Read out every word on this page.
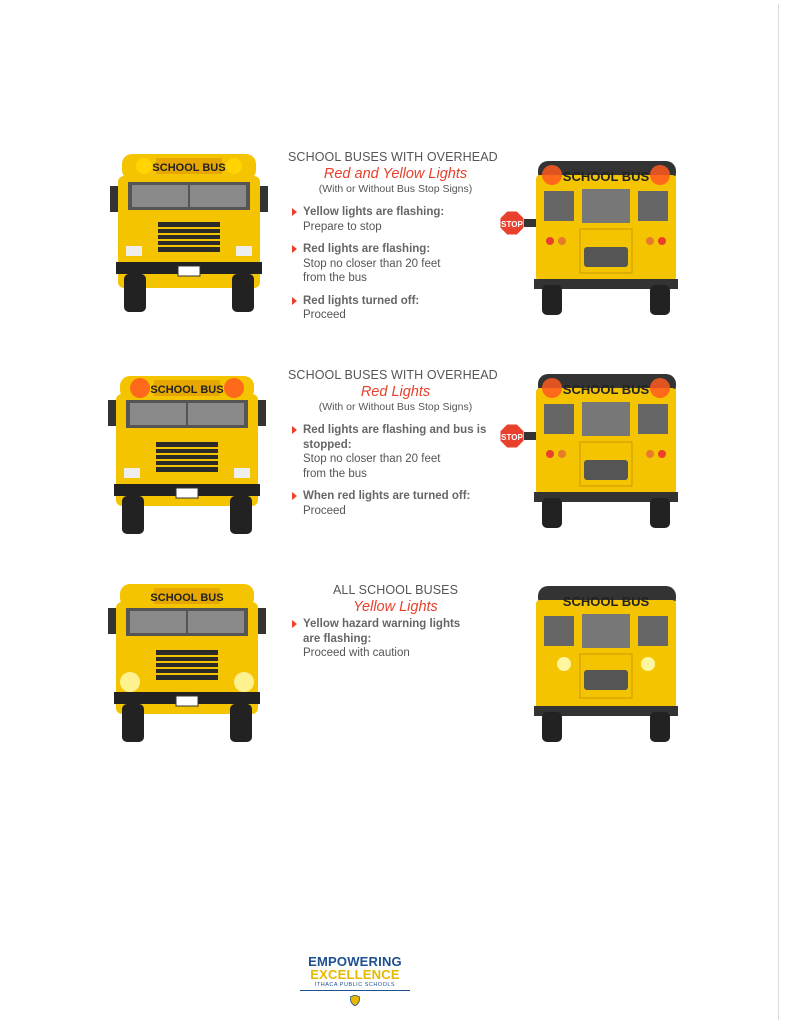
SCHOOL BUS

SCHOOL BUSES WITH OVERHEAD

Red and Yellow Lights

(With or Without Bus Stop Signs)

Yellow lights are flashing:
Prepare to stop
Red lights are flashing:
Stop no closer than 20 feet from the bus
Red lights turned off:
Proceed
STOP
SCHOOL BUS
SCHOOL BUS

SCHOOL BUSES WITH OVERHEAD

Red Lights

(With or Without Bus Stop Signs)

Red lights are flashing and bus is stopped:
Stop no closer than 20 feet from the bus
When red lights are turned off:
Proceed
STOP
SCHOOL BUS
SCHOOL BUS

ALL SCHOOL BUSES

Yellow Lights

Yellow hazard warning lights are flashing:
Proceed with caution
SCHOOL BUS
EMPOWERING
EXCELLENCE
ITHACA PUBLIC SCHOOLS
